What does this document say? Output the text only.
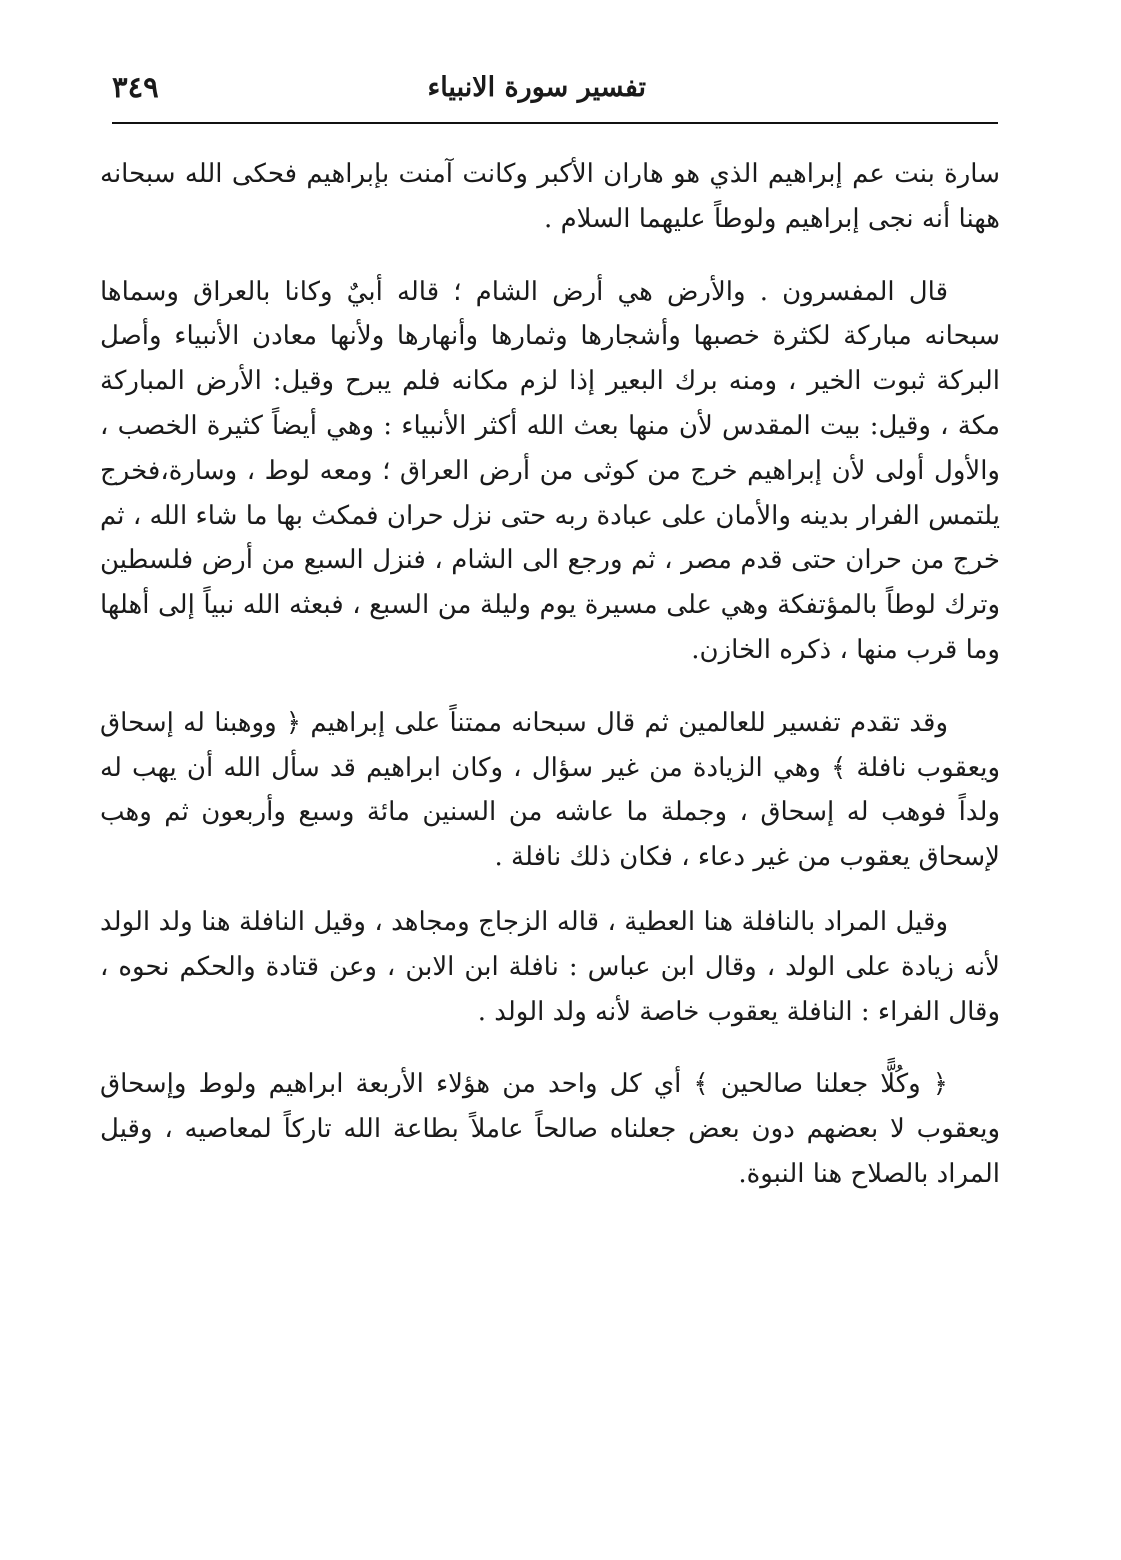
تفسير سورة الانبياء
٣٤٩

سارة بنت عم إبراهيم الذي هو هاران الأكبر وكانت آمنت بإبراهيم فحكى الله سبحانه ههنا أنه نجى إبراهيم ولوطاً عليهما السلام .

قال المفسرون . والأرض هي أرض الشام ؛ قاله أبيٌ وكانا بالعراق وسماها سبحانه مباركة لكثرة خصبها وأشجارها وثمارها وأنهارها ولأنها معادن الأنبياء وأصل البركة ثبوت الخير ، ومنه برك البعير إذا لزم مكانه فلم يبرح وقيل: الأرض المباركة مكة ، وقيل: بيت المقدس لأن منها بعث الله أكثر الأنبياء : وهي أيضاً كثيرة الخصب ، والأول أولى لأن إبراهيم خرج من كوثى من أرض العراق ؛ ومعه لوط ، وسارة،فخرج يلتمس الفرار بدينه والأمان على عبادة ربه حتى نزل حران فمكث بها ما شاء الله ، ثم خرج من حران حتى قدم مصر ، ثم ورجع الى الشام ، فنزل السبع من أرض فلسطين وترك لوطاً بالمؤتفكة وهي على مسيرة يوم وليلة من السبع ، فبعثه الله نبياً إلى أهلها وما قرب منها ، ذكره الخازن.

وقد تقدم تفسير للعالمين ثم قال سبحانه ممتناً على إبراهيم ﴿ ووهبنا له إسحاق ويعقوب نافلة ﴾ وهي الزيادة من غير سؤال ، وكان ابراهيم قد سأل الله أن يهب له ولداً فوهب له إسحاق ، وجملة ما عاشه من السنين مائة وسبع وأربعون ثم وهب لإسحاق يعقوب من غير دعاء ، فكان ذلك نافلة .

وقيل المراد بالنافلة هنا العطية ، قاله الزجاج ومجاهد ، وقيل النافلة هنا ولد الولد لأنه زيادة على الولد ، وقال ابن عباس : نافلة ابن الابن ، وعن قتادة والحكم نحوه ، وقال الفراء : النافلة يعقوب خاصة لأنه ولد الولد .

﴿ وكُلًّا جعلنا صالحين ﴾ أي كل واحد من هؤلاء الأربعة ابراهيم ولوط وإسحاق ويعقوب لا بعضهم دون بعض جعلناه صالحاً عاملاً بطاعة الله تاركاً لمعاصيه ، وقيل المراد بالصلاح هنا النبوة.
